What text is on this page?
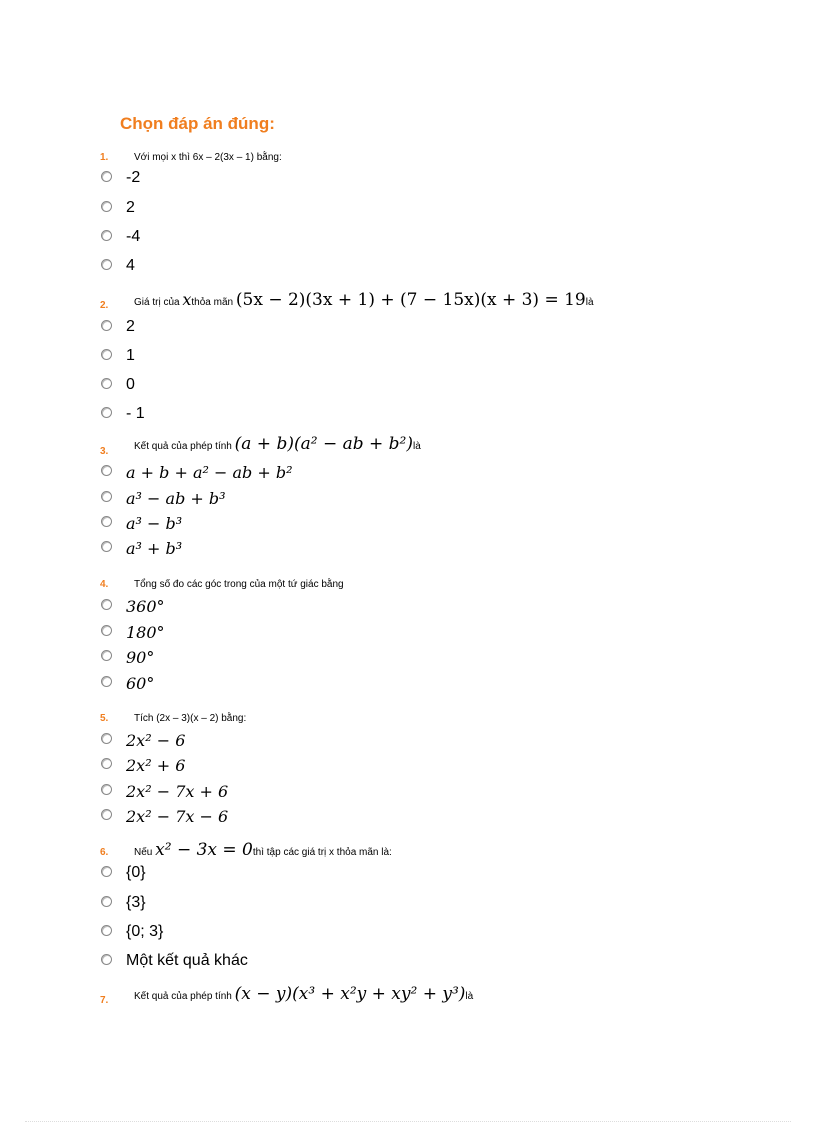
Chọn đáp án đúng:
1.	Với mọi x thì 6x – 2(3x – 1) bằng:
-2
2
-4
4
2.	Giá trị của xthỏa mãn (5x − 2)(3x + 1) + (7 − 15x)(x + 3) = 19là
2
1
0
- 1
3.	Kết quả của phép tính (a + b)(a² − ab + b²)là
a + b + a² − ab + b²
a³ − ab + b³
a³ − b³
a³ + b³
4.	Tổng số đo các góc trong của một tứ giác bằng
360°
180°
90°
60°
5.	Tích (2x – 3)(x – 2) bằng:
2x² − 6
2x² + 6
2x² − 7x + 6
2x² − 7x − 6
6.	Nếu x² − 3x = 0thì tập các giá trị x thỏa mãn là:
{0}
{3}
{0; 3}
Một kết quả khác
7.	Kết quả của phép tính (x − y)(x³ + x²y + xy² + y³)là
